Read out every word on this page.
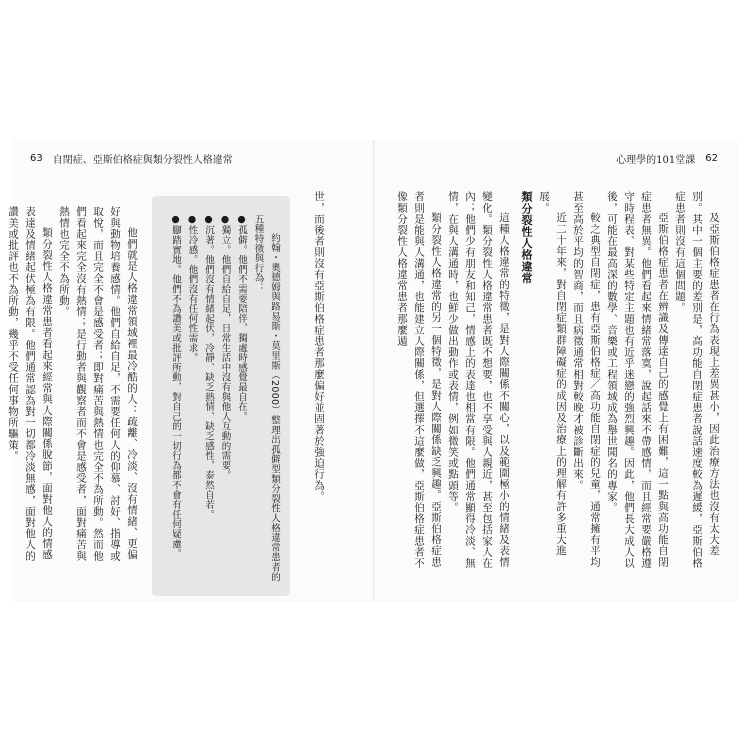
63 自閉症、亞斯伯格症與類分裂性人格違常	心理學的101堂課 62

及亞斯伯格症患者在行為表現上差異甚小，因此治療方法也沒有太大差別。其中一個主要的差別是，高功能自閉症患者說話速度較為遲緩，亞斯伯格症患者則沒有這個問題。

亞斯伯格症患者在辨識及傳達自己的感覺上有困難，這一點與高功能自閉症患者無異。他們看起來情緒常落寞，說起話來不帶感情，而且經常要嚴格遵守時程表、對某些特定主題也有近乎迷戀的強烈興趣。因此，他們長大成人以後，可能在最高深的數學、音樂或工程領域成為舉世聞名的專家。

較之典型自閉症，患有亞斯伯格症／高功能自閉症的兒童，通常擁有平均甚至高於平均的智商，而且病徵通常相對較晚才被診斷出來。

近二十年來，對自閉症類群障礙症的成因及治療上的理解有許多重大進展。

類分裂性人格違常

這種人格違常的特徵，是對人際關係不關心，以及範圍極小的情緒及表情變化。類分裂性人格違常患者既不想要，也不享受與人親近，甚至包括家人在內；他們少有朋友和知己，情感上的表達也相當有限。他們通常顯得冷淡、無情，在與人溝通時，也鮮少做出動作或表情，例如微笑或點頭等。

類分裂性人格違常的另一個特徵，是對人際關係缺乏興趣。亞斯伯格症患者則是能與人溝通，也能建立人際關係，但選擇不這麼做，亞斯伯格症患者不像類分裂性人格違常患者那麼遁

世，而後者則沒有亞斯伯格症患者那麼偏好並固著於強迫行為。

約翰・奧德姆與路易斯・莫里斯（2000）整理出孤僻型類分裂性人格違常患者的五種特徵與行為：

●孤僻。他們不需要陪伴，獨處時感覺最自在。

●獨立。他們自給自足，日常生活中沒有與他人互動的需要。

●沉著。他們沒有情緒起伏，冷靜、缺乏熱情、缺乏感性，泰然自若。

●性冷感。他們沒有任何性需求。

●腳踏實地。他們不為讚美或批評所動，對自己的一切行為都不會有任何疑慮。

他們就是人格違常領域裡最冷酷的人：疏離、冷淡、沒有情緒、更偏好與動物培養感情。他們自給自足，不需要任何人的仰慕、討好、指導或取悅，而且完全不會是感受者；即對痛苦與熱情也完全不為所動。然而他們看起來完全沒有熱情；是行動者與觀察者而不會是感受者，面對痛苦與熱情也完全不為所動。

類分裂性人格違常患者看起來經常與人際關係脫節，面對他人的情感表達及情緒起伏極為有限。他們通常認為對一切都冷淡無感，面對他人的讚美或批評也不為所動，幾乎不受任何事物所驅策。
